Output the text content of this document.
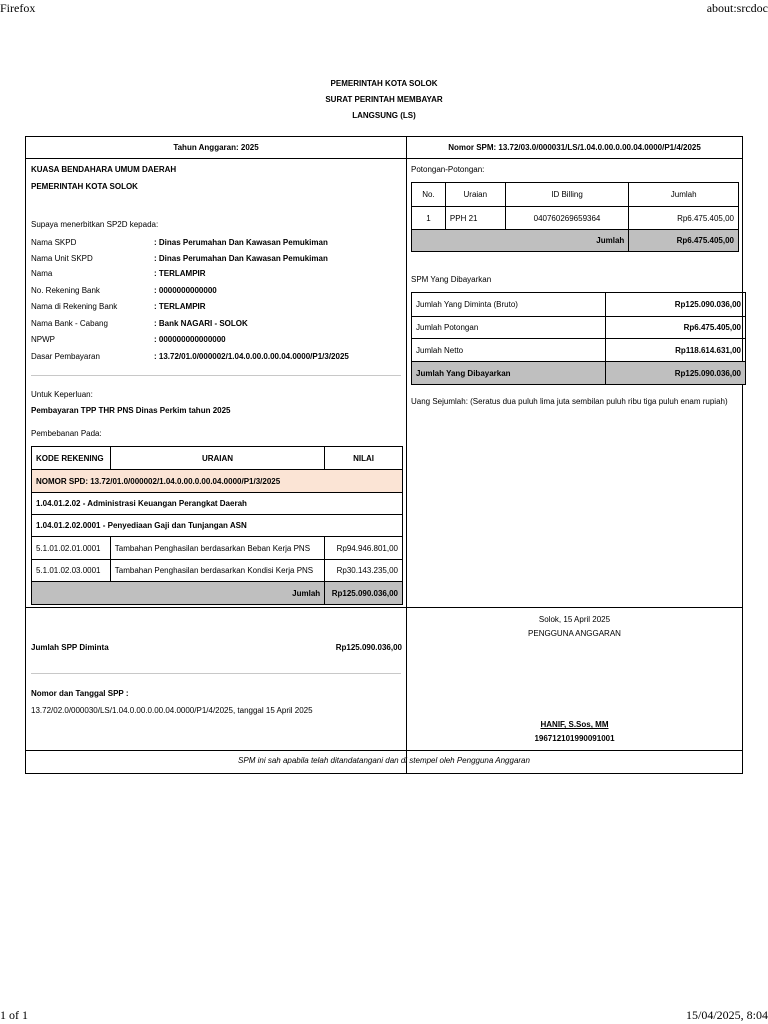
Firefox	about:srcdoc
1 of 1	15/04/2025, 8:04
PEMERINTAH KOTA SOLOK
SURAT PERINTAH MEMBAYAR
LANGSUNG (LS)
Tahun Anggaran: 2025	Nomor SPM: 13.72/03.0/000031/LS/1.04.0.00.0.00.04.0000/P1/4/2025
KUASA BENDAHARA UMUM DAERAH
PEMERINTAH KOTA SOLOK
Supaya menerbitkan SP2D kepada:
Nama SKPD	: Dinas Perumahan Dan Kawasan Pemukiman
Nama Unit SKPD	: Dinas Perumahan Dan Kawasan Pemukiman
Nama	: TERLAMPIR
No. Rekening Bank	: 0000000000000
Nama di Rekening Bank	: TERLAMPIR
Nama Bank - Cabang	: Bank NAGARI - SOLOK
NPWP	: 000000000000000
Dasar Pembayaran	: 13.72/01.0/000002/1.04.0.00.0.00.04.0000/P1/3/2025
Untuk Keperluan:
Pembayaran TPP THR PNS Dinas Perkim tahun 2025
Pembebanan Pada:
KODE REKENING	URAIAN	NILAI
NOMOR SPD: 13.72/01.0/000002/1.04.0.00.0.00.04.0000/P1/3/2025		
1.04.01.2.02 - Administrasi Keuangan Perangkat Daerah		
1.04.01.2.02.0001 - Penyediaan Gaji dan Tunjangan ASN		
5.1.01.02.01.0001	Tambahan Penghasilan berdasarkan Beban Kerja PNS	Rp94.946.801,00
5.1.01.02.03.0001	Tambahan Penghasilan berdasarkan Kondisi Kerja PNS	Rp30.143.235,00
Jumlah		Rp125.090.036,00
Jumlah SPP Diminta	Rp125.090.036,00
Nomor dan Tanggal SPP :
13.72/02.0/000030/LS/1.04.0.00.0.00.04.0000/P1/4/2025, tanggal 15 April 2025
Potongan-Potongan:
No.	Uraian	ID Billing	Jumlah
1	PPH 21	040760269659364	Rp6.475.405,00
Jumlah			Rp6.475.405,00
SPM Yang Dibayarkan
Jumlah Yang Diminta (Bruto)	Rp125.090.036,00
Jumlah Potongan	Rp6.475.405,00
Jumlah Netto	Rp118.614.631,00
Jumlah Yang Dibayarkan	Rp125.090.036,00
Uang Sejumlah: (Seratus dua puluh lima juta sembilan puluh ribu tiga puluh enam rupiah)
Solok, 15 April 2025
PENGGUNA ANGGARAN
HANIF, S.Sos, MM
196712101990091001
SPM ini sah apabila telah ditandatangani dan di stempel oleh Pengguna Anggaran
